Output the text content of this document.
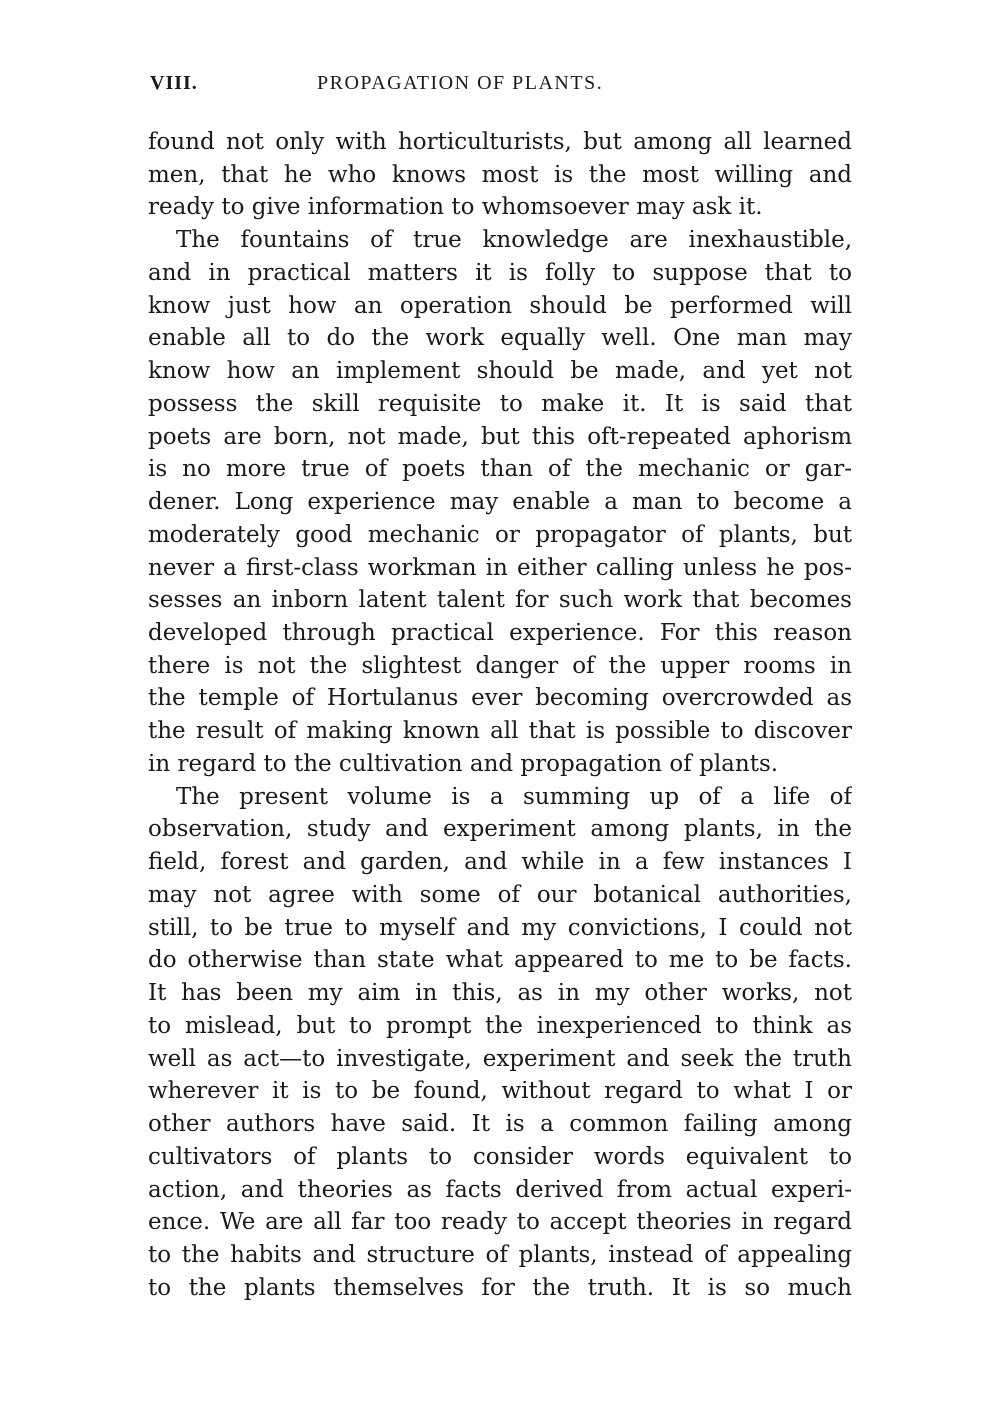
VIII.	PROPAGATION OF PLANTS.
found not only with horticulturists, but among all learned
men, that he who knows most is the most willing and
ready to give information to whomsoever may ask it.
The fountains of true knowledge are inexhaustible,
and in practical matters it is folly to suppose that to
know just how an operation should be performed will
enable all to do the work equally well. One man may
know how an implement should be made, and yet not
possess the skill requisite to make it. It is said that
poets are born, not made, but this oft-repeated aphorism
is no more true of poets than of the mechanic or gar-
dener. Long experience may enable a man to become a
moderately good mechanic or propagator of plants, but
never a first-class workman in either calling unless he pos-
sesses an inborn latent talent for such work that becomes
developed through practical experience. For this reason
there is not the slightest danger of the upper rooms in
the temple of Hortulanus ever becoming overcrowded as
the result of making known all that is possible to discover
in regard to the cultivation and propagation of plants.
The present volume is a summing up of a life of
observation, study and experiment among plants, in the
field, forest and garden, and while in a few instances I
may not agree with some of our botanical authorities,
still, to be true to myself and my convictions, I could not
do otherwise than state what appeared to me to be facts.
It has been my aim in this, as in my other works, not
to mislead, but to prompt the inexperienced to think as
well as act—to investigate, experiment and seek the truth
wherever it is to be found, without regard to what I or
other authors have said. It is a common failing among
cultivators of plants to consider words equivalent to
action, and theories as facts derived from actual experi-
ence. We are all far too ready to accept theories in regard
to the habits and structure of plants, instead of appealing
to the plants themselves for the truth. It is so much
